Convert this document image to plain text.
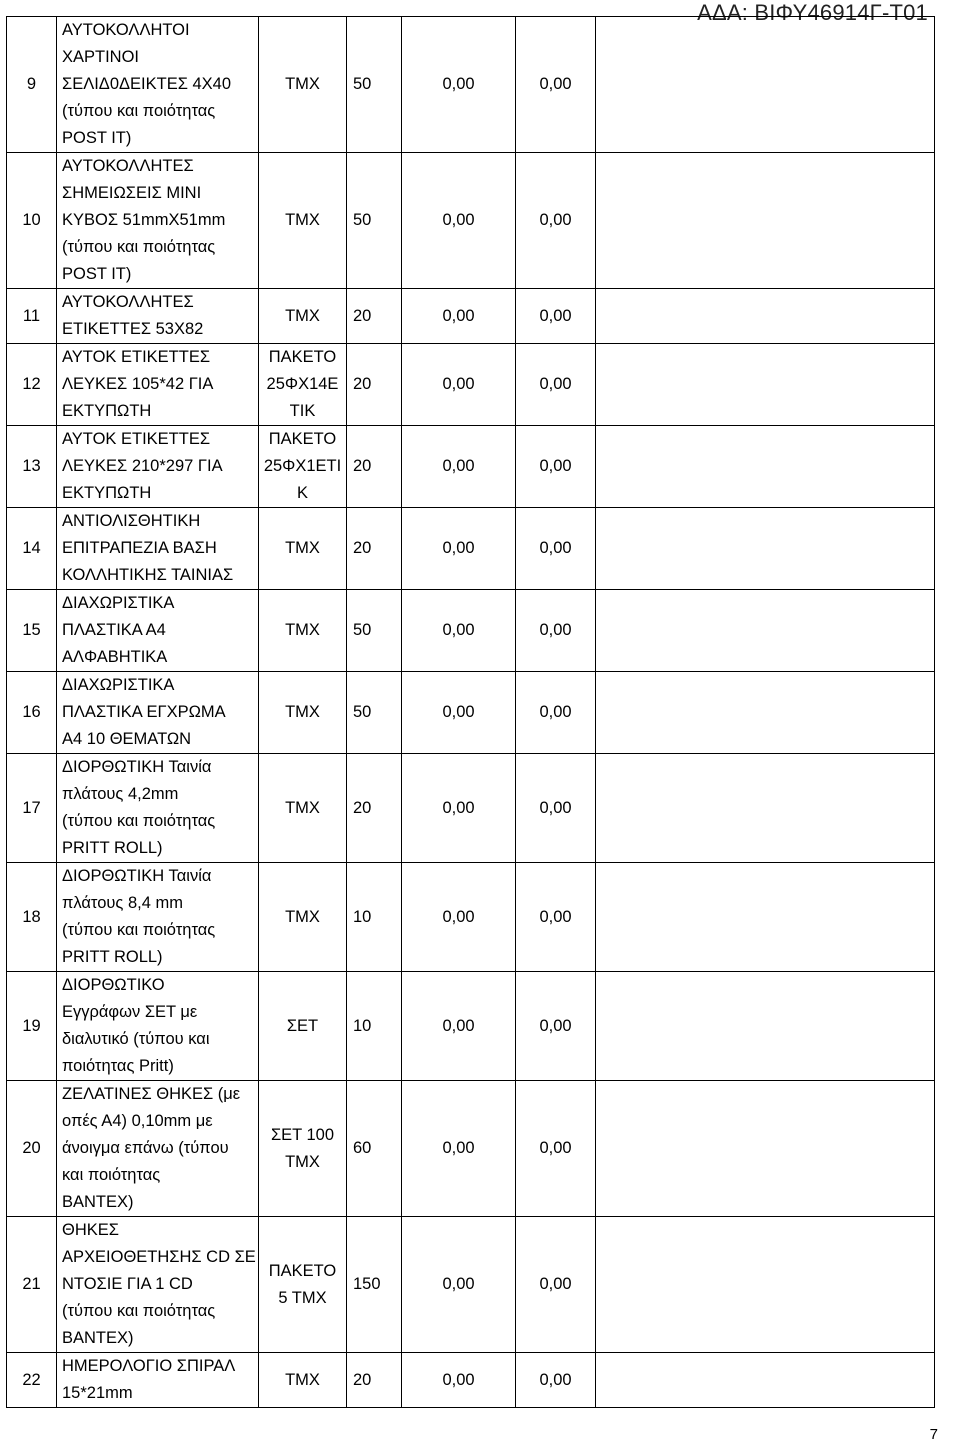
ΑΔΑ: ΒΙΦΥ46914Γ-Τ01
9	ΑΥΤΟΚΟΛΛΗΤΟΙ
ΧΑΡΤΙΝΟΙ
ΣΕΛΙΔ0ΔΕΙΚΤΕΣ 4Χ40
(τύπου και ποιότητας
POST IT)	ΤΜΧ	50	0,00	0,00	
10	ΑΥΤΟΚΟΛΛΗΤΕΣ
ΣΗΜΕΙΩΣΕΙΣ ΜΙΝΙ
ΚΥΒΟΣ 51mmX51mm
(τύπου και ποιότητας
POST IT)	ΤΜΧ	50	0,00	0,00	
11	ΑΥΤΟΚΟΛΛΗΤΕΣ
ΕΤΙΚΕΤΤΕΣ 53Χ82	ΤΜΧ	20	0,00	0,00	
12	ΑΥΤΟΚ ΕΤΙΚΕΤΤΕΣ
ΛΕΥΚΕΣ 105*42 ΓΙΑ
ΕΚΤΥΠΩΤΗ	ΠΑΚΕΤΟ
25ΦΧ14Ε
ΤΙΚ	20	0,00	0,00	
13	ΑΥΤΟΚ ΕΤΙΚΕΤΤΕΣ
ΛΕΥΚΕΣ 210*297 ΓΙΑ
ΕΚΤΥΠΩΤΗ	ΠΑΚΕΤΟ
25ΦΧ1ΕΤΙ
Κ	20	0,00	0,00	
14	ΑΝΤΙΟΛΙΣΘΗΤΙΚΗ
ΕΠΙΤΡΑΠΕΖΙΑ ΒΑΣΗ
ΚΟΛΛΗΤΙΚΗΣ ΤΑΙΝΙΑΣ	ΤΜΧ	20	0,00	0,00	
15	ΔΙΑΧΩΡΙΣΤΙΚΑ
ΠΛΑΣΤΙΚΑ Α4
ΑΛΦΑΒΗΤΙΚΑ	ΤΜΧ	50	0,00	0,00	
16	ΔΙΑΧΩΡΙΣΤΙΚΑ
ΠΛΑΣΤΙΚΑ ΕΓΧΡΩΜΑ
Α4 10 ΘΕΜΑΤΩΝ	ΤΜΧ	50	0,00	0,00	
17	ΔΙΟΡΘΩΤΙΚΗ Ταινία
πλάτους 4,2mm
(τύπου και ποιότητας
PRITT ROLL)	ΤΜΧ	20	0,00	0,00	
18	ΔΙΟΡΘΩΤΙΚΗ Ταινία
πλάτους 8,4 mm
(τύπου και ποιότητας
PRITT ROLL)	ΤΜΧ	10	0,00	0,00	
19	ΔΙΟΡΘΩΤΙΚΟ
Εγγράφων ΣΕΤ με
διαλυτικό (τύπου και
ποιότητας Pritt)	ΣΕΤ	10	0,00	0,00	
20	ΖΕΛΑΤΙΝΕΣ ΘΗΚΕΣ (με
οπές Α4) 0,10mm με
άνοιγμα επάνω (τύπου
και ποιότητας
BANTEX)	ΣΕΤ 100
ΤΜΧ	60	0,00	0,00	
21	ΘΗΚΕΣ
ΑΡΧΕΙΟΘΕΤΗΣΗΣ CD ΣΕ
ΝΤΟΣΙΕ ΓΙΑ 1 CD
(τύπου και ποιότητας
BANTEX)	ΠΑΚΕΤΟ
5 ΤΜΧ	150	0,00	0,00	
22	ΗΜΕΡΟΛΟΓΙΟ ΣΠΙΡΑΛ
15*21mm	ΤΜΧ	20	0,00	0,00	
7
